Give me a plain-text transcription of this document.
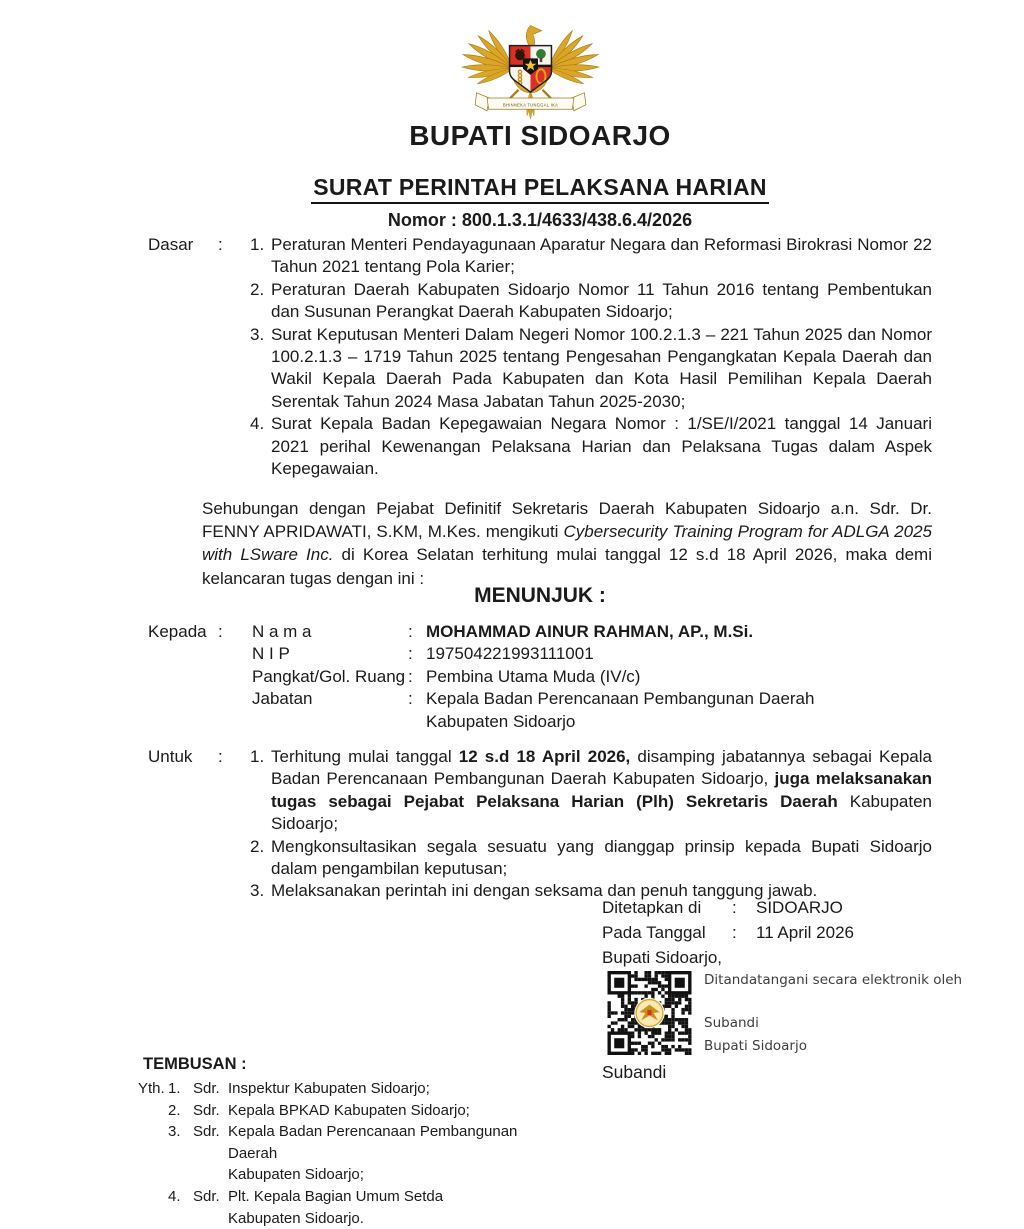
BHINNEKA TUNGGAL IKA
BUPATI SIDOARJO

SURAT PERINTAH PELAKSANA HARIAN
Nomor : 800.1.3.1/4633/438.6.4/2026
Dasar	:	1. Peraturan Menteri Pendayagunaan Aparatur Negara dan Reformasi Birokrasi Nomor 22 Tahun 2021 tentang Pola Karier;
2. Peraturan Daerah Kabupaten Sidoarjo Nomor 11 Tahun 2016 tentang Pembentukan dan Susunan Perangkat Daerah Kabupaten Sidoarjo;
3. Surat Keputusan Menteri Dalam Negeri Nomor 100.2.1.3 – 221 Tahun 2025 dan Nomor 100.2.1.3 – 1719 Tahun 2025 tentang Pengesahan Pengangkatan Kepala Daerah dan Wakil Kepala Daerah Pada Kabupaten dan Kota Hasil Pemilihan Kepala Daerah Serentak Tahun 2024 Masa Jabatan Tahun 2025-2030;
4. Surat Kepala Badan Kepegawaian Negara Nomor : 1/SE/I/2021 tanggal 14 Januari 2021 perihal Kewenangan Pelaksana Harian dan Pelaksana Tugas dalam Aspek Kepegawaian.

Sehubungan dengan Pejabat Definitif Sekretaris Daerah Kabupaten Sidoarjo a.n. Sdr. Dr. FENNY APRIDAWATI, S.KM, M.Kes. mengikuti Cybersecurity Training Program for ADLGA 2025 with LSware Inc. di Korea Selatan terhitung mulai tanggal 12 s.d 18 April 2026, maka demi kelancaran tugas dengan ini :

MENUNJUK :
Kepada :	N a m a	: MOHAMMAD AINUR RAHMAN, AP., M.Si.
N I P	: 197504221993111001
Pangkat/Gol. Ruang : Pembina Utama Muda (IV/c)
Jabatan	: Kepala Badan Perencanaan Pembangunan Daerah
Kabupaten Sidoarjo
Untuk	:	1. Terhitung mulai tanggal 12 s.d 18 April 2026, disamping jabatannya sebagai Kepala Badan Perencanaan Pembangunan Daerah Kabupaten Sidoarjo, juga melaksanakan tugas sebagai Pejabat Pelaksana Harian (Plh) Sekretaris Daerah Kabupaten Sidoarjo;
2. Mengkonsultasikan segala sesuatu yang dianggap prinsip kepada Bupati Sidoarjo dalam pengambilan keputusan;
3. Melaksanakan perintah ini dengan seksama dan penuh tanggung jawab.
Ditetapkan di	:	SIDOARJO
Pada Tanggal	:	11 April 2026
Bupati Sidoarjo,
Ditandatangani secara elektronik oleh
Subandi
Bupati Sidoarjo
Subandi
TEMBUSAN :
Yth. 1. Sdr. Inspektur Kabupaten Sidoarjo;
2. Sdr. Kepala BPKAD Kabupaten Sidoarjo;
3. Sdr. Kepala Badan Perencanaan Pembangunan Daerah
Kabupaten Sidoarjo;
4. Sdr. Plt. Kepala Bagian Umum Setda
Kabupaten Sidoarjo.
